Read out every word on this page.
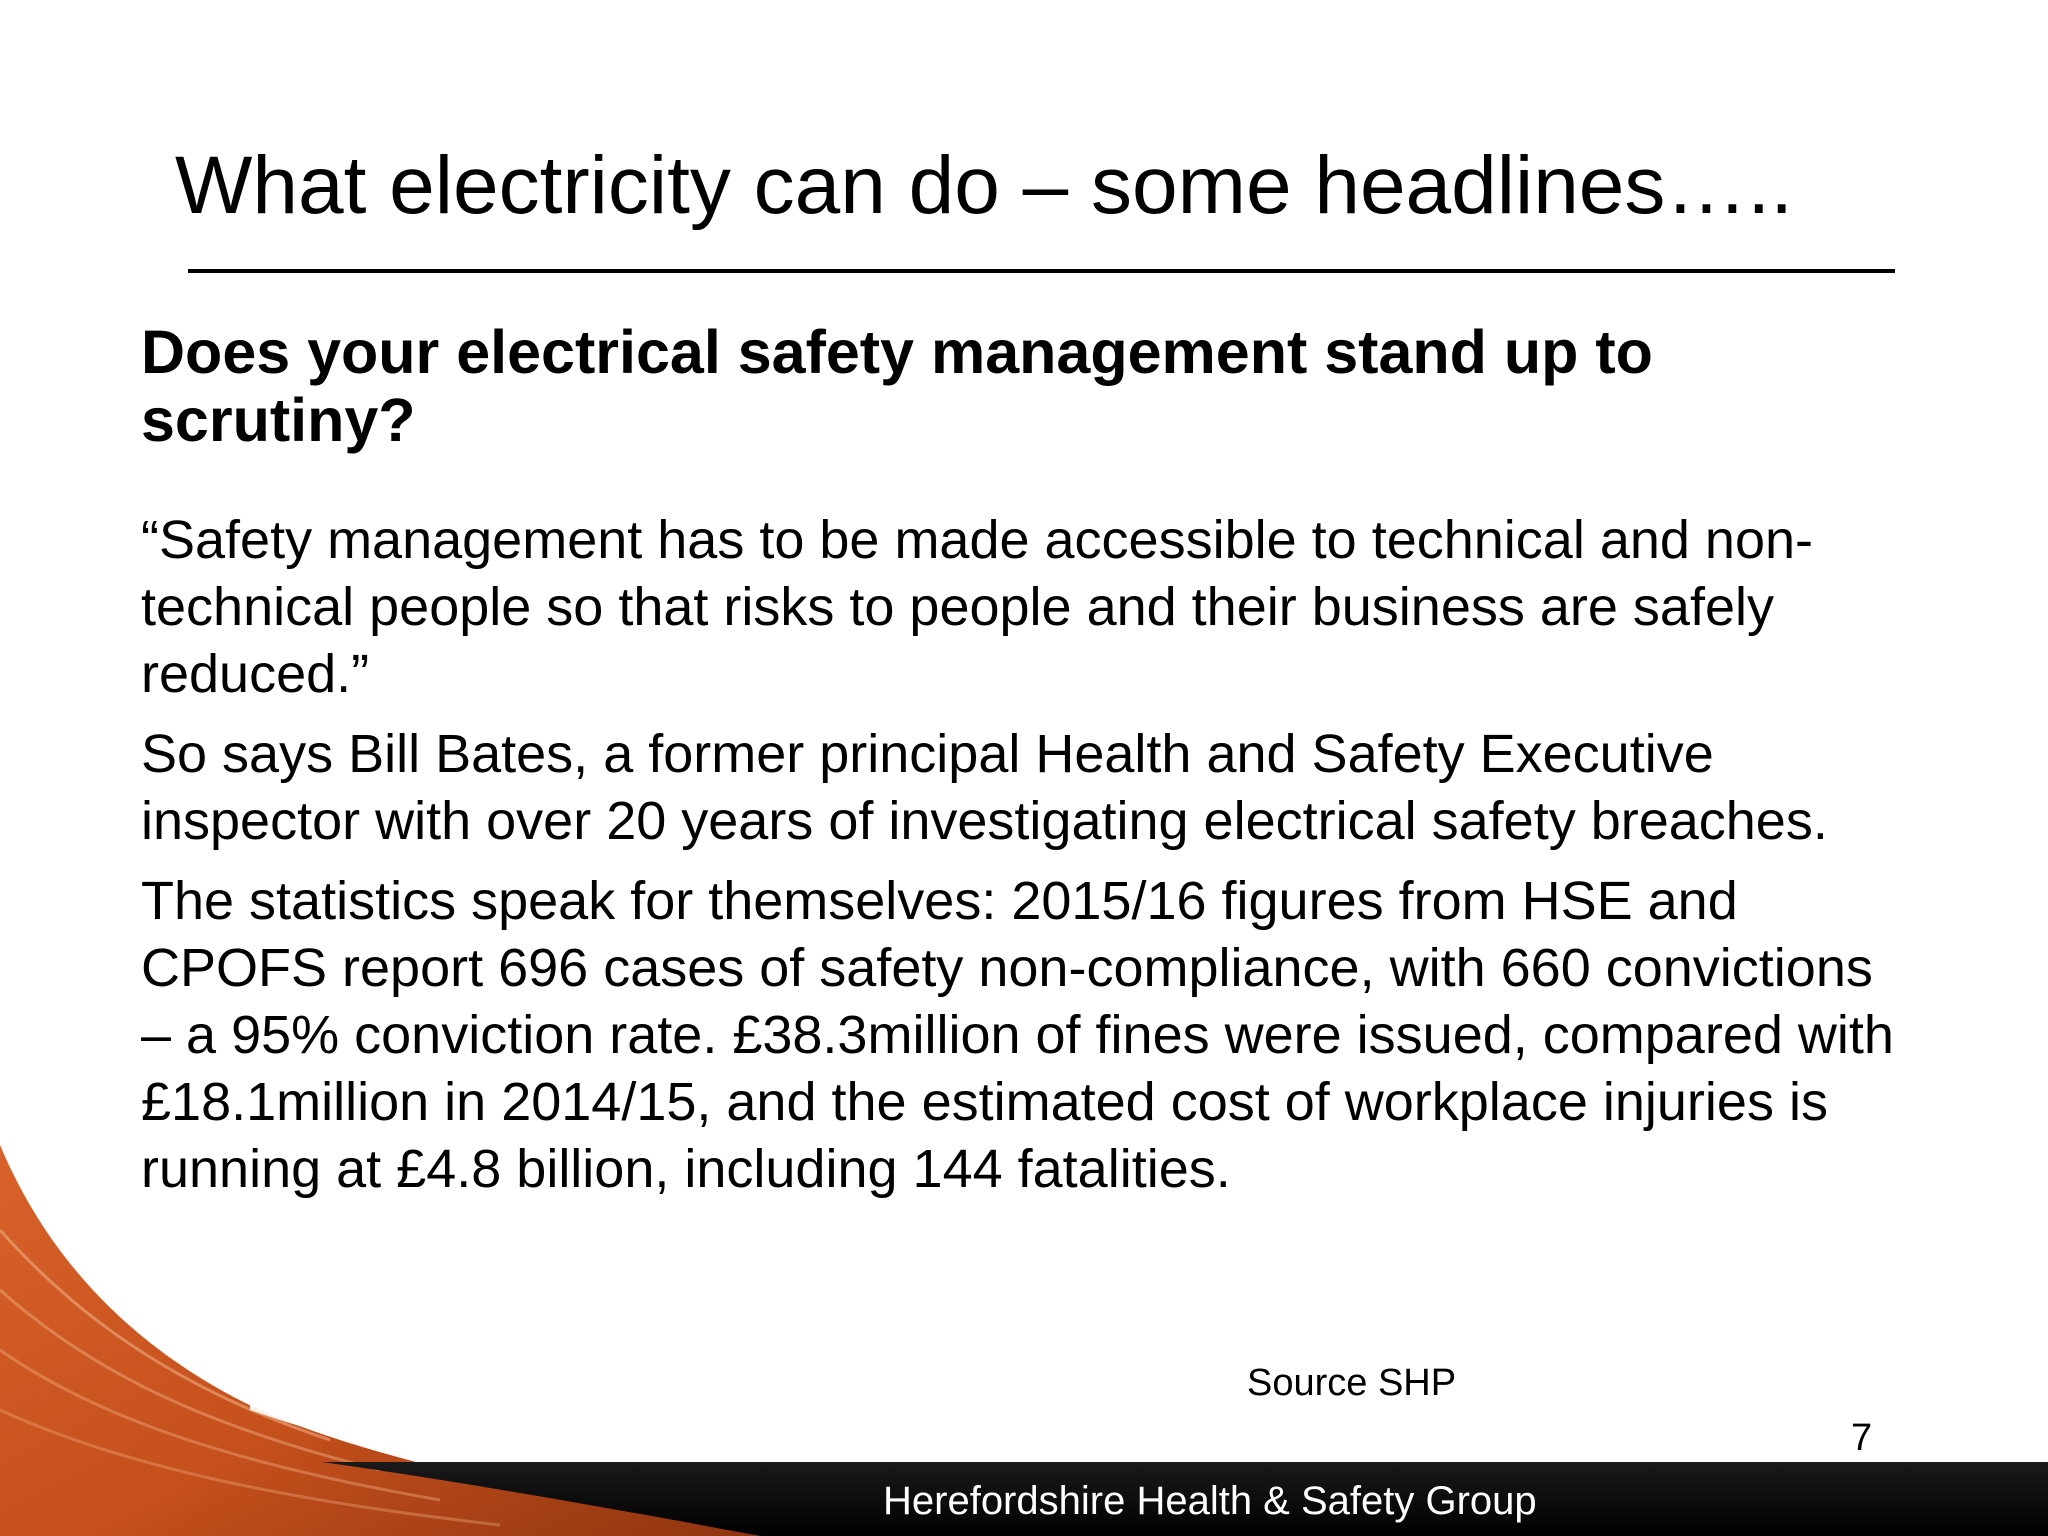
What electricity can do – some headlines…..
Does your electrical safety management stand up to scrutiny?

“Safety management has to be made accessible to technical and non-technical people so that risks to people and their business are safely reduced.”

So says Bill Bates, a former principal Health and Safety Executive inspector with over 20 years of investigating electrical safety breaches.

The statistics speak for themselves: 2015/16 figures from HSE and CPOFS report 696 cases of safety non-compliance, with 660 convictions – a 95% conviction rate. £38.3million of fines were issued, compared with £18.1million in 2014/15, and the estimated cost of workplace injuries is running at £4.8 billion, including 144 fatalities.

Source SHP
7
Herefordshire Health & Safety Group
